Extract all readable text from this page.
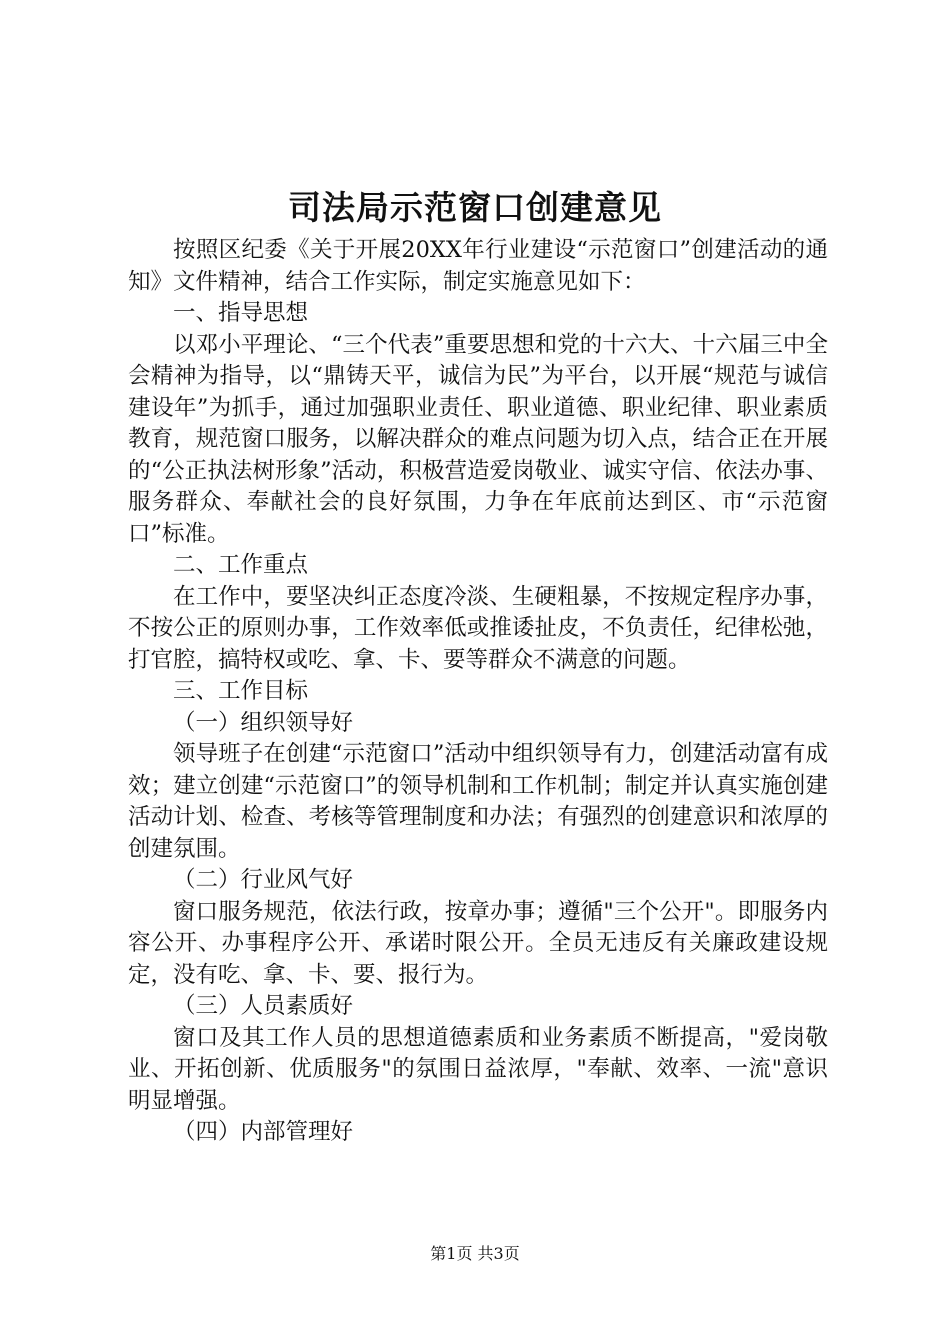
司法局示范窗口创建意见

按照区纪委《关于开展20XX年行业建设“示范窗口”创建活动的通知》文件精神，结合工作实际，制定实施意见如下：

一、指导思想

以邓小平理论、“三个代表”重要思想和党的十六大、十六届三中全会精神为指导，以“鼎铸天平，诚信为民”为平台，以开展“规范与诚信建设年”为抓手，通过加强职业责任、职业道德、职业纪律、职业素质教育，规范窗口服务，以解决群众的难点问题为切入点，结合正在开展的“公正执法树形象”活动，积极营造爱岗敬业、诚实守信、依法办事、服务群众、奉献社会的良好氛围，力争在年底前达到区、市“示范窗口”标准。

二、工作重点

在工作中，要坚决纠正态度冷淡、生硬粗暴，不按规定程序办事，不按公正的原则办事，工作效率低或推诿扯皮，不负责任，纪律松弛，打官腔，搞特权或吃、拿、卡、要等群众不满意的问题。

三、工作目标

（一）组织领导好

领导班子在创建“示范窗口”活动中组织领导有力，创建活动富有成效；建立创建“示范窗口”的领导机制和工作机制；制定并认真实施创建活动计划、检查、考核等管理制度和办法；有强烈的创建意识和浓厚的创建氛围。

（二）行业风气好

窗口服务规范，依法行政，按章办事；遵循"三个公开"。即服务内容公开、办事程序公开、承诺时限公开。全员无违反有关廉政建设规定，没有吃、拿、卡、要、报行为。

（三）人员素质好

窗口及其工作人员的思想道德素质和业务素质不断提高，"爱岗敬业、开拓创新、优质服务"的氛围日益浓厚，"奉献、效率、一流"意识明显增强。

（四）内部管理好

第1页 共3页
